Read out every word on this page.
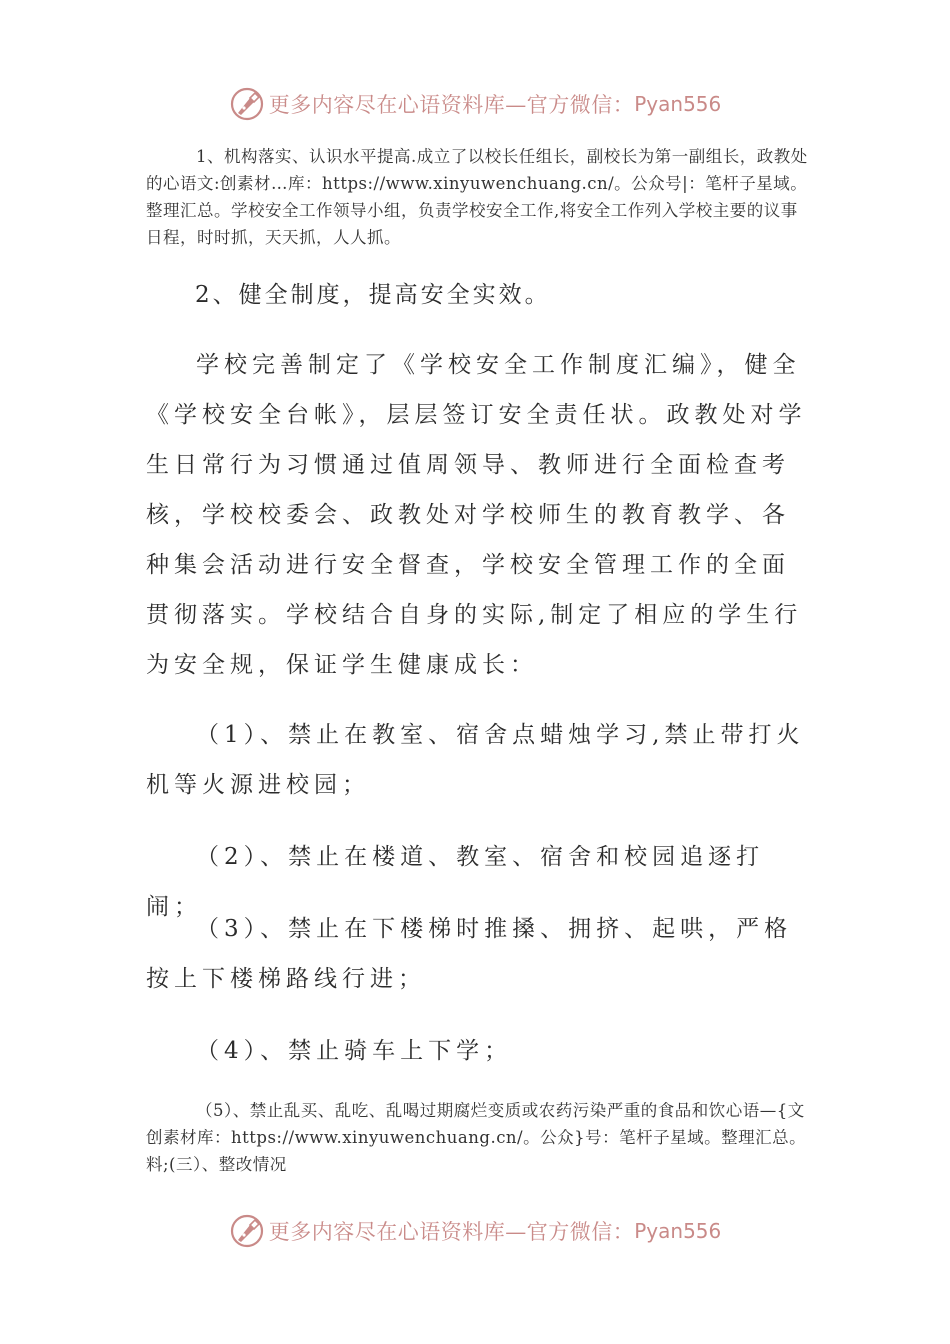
更多内容尽在心语资料库—官方微信： Pyan556
1、机构落实、认识水平提高.成立了以校长任组长，副校长为第一副组长，政教处的心语文:创素材…库：https://www.xinyuwenchuang.cn/。公众号|：笔杆子星域。整理汇总。学校安全工作领导小组，负责学校安全工作,将安全工作列入学校主要的议事日程，时时抓，天天抓，人人抓。
2、健全制度，提高安全实效。
学校完善制定了《学校安全工作制度汇编》，健全《学校安全台帐》，层层签订安全责任状。政教处对学生日常行为习惯通过值周领导、教师进行全面检查考核，学校校委会、政教处对学校师生的教育教学、各种集会活动进行安全督查，学校安全管理工作的全面贯彻落实。学校结合自身的实际,制定了相应的学生行为安全规，保证学生健康成长：
（1）、禁止在教室、宿舍点蜡烛学习,禁止带打火机等火源进校园；
（2）、禁止在楼道、教室、宿舍和校园追逐打闹；
（3）、禁止在下楼梯时推搡、拥挤、起哄，严格按上下楼梯路线行进；
（4）、禁止骑车上下学；
（5）、禁止乱买、乱吃、乱喝过期腐烂变质或农药污染严重的食品和饮心语—{文创素材库：https://www.xinyuwenchuang.cn/。公众}号：笔杆子星域。整理汇总。料;(三）、整改情况
更多内容尽在心语资料库—官方微信： Pyan556
